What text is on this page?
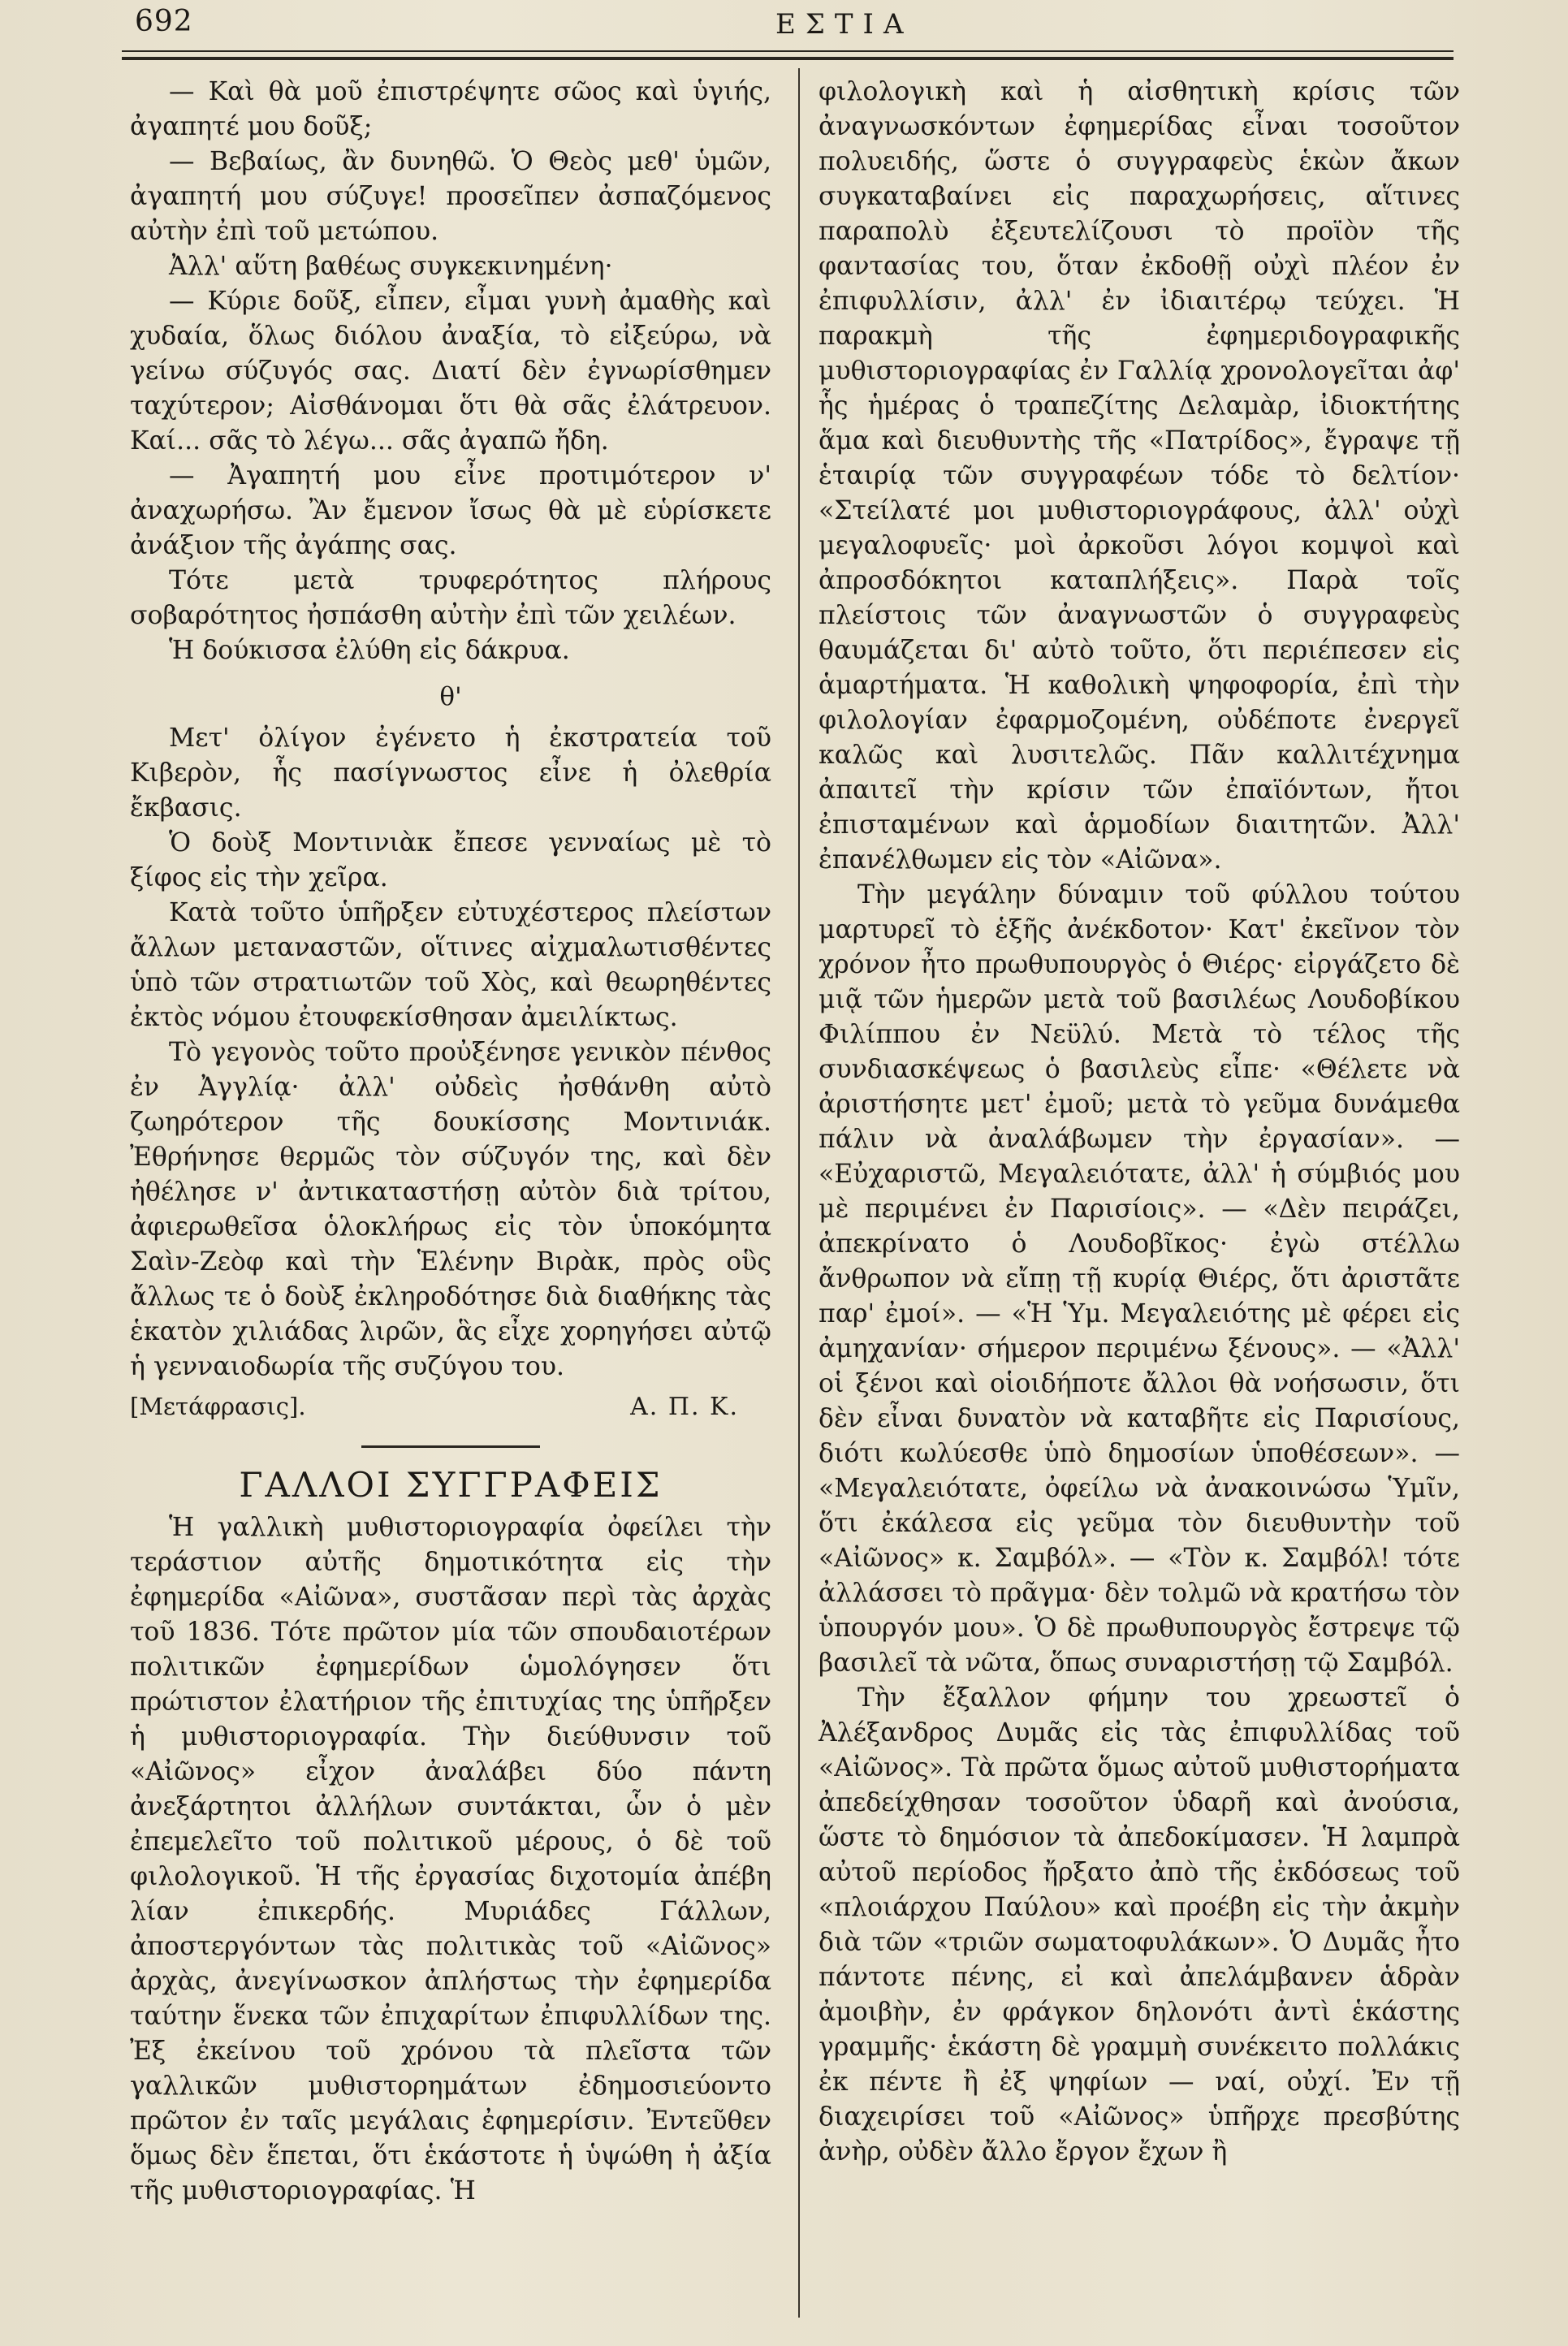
692	ΕΣΤΙΑ

— Καὶ θὰ μοῦ ἐπιστρέψητε σῶος καὶ ὑγιής, ἀγαπητέ μου δοῦξ;

— Βεβαίως, ἂν δυνηθῶ. Ὁ Θεὸς μεθ' ὑμῶν, ἀγαπητή μου σύζυγε! προσεῖπεν ἀσπαζόμενος αὐτὴν ἐπὶ τοῦ μετώπου.

Ἀλλ' αὕτη βαθέως συγκεκινημένη·

— Κύριε δοῦξ, εἶπεν, εἶμαι γυνὴ ἀμαθὴς καὶ χυδαία, ὅλως διόλου ἀναξία, τὸ εἰξεύρω, νὰ γείνω σύζυγός σας. Διατί δὲν ἐγνωρίσθημεν ταχύτερον; Αἰσθάνομαι ὅτι θὰ σᾶς ἐλάτρευον. Καί... σᾶς τὸ λέγω... σᾶς ἀγαπῶ ἤδη.

— Ἀγαπητή μου εἶνε προτιμότερον ν' ἀναχωρήσω. Ἂν ἔμενον ἴσως θὰ μὲ εὑρίσκετε ἀνάξιον τῆς ἀγάπης σας.

Τότε μετὰ τρυφερότητος πλήρους σοβαρότητος ἠσπάσθη αὐτὴν ἐπὶ τῶν χειλέων.

Ἡ δούκισσα ἐλύθη εἰς δάκρυα.

θ'

Μετ' ὀλίγον ἐγένετο ἡ ἐκστρατεία τοῦ Κιβερὸν, ἧς πασίγνωστος εἶνε ἡ ὀλεθρία ἔκβασις.

Ὁ δοὺξ Μοντινιὰκ ἔπεσε γενναίως μὲ τὸ ξίφος εἰς τὴν χεῖρα.

Κατὰ τοῦτο ὑπῆρξεν εὐτυχέστερος πλείστων ἄλλων μεταναστῶν, οἵτινες αἰχμαλωτισθέντες ὑπὸ τῶν στρατιωτῶν τοῦ Χὸς, καὶ θεωρηθέντες ἐκτὸς νόμου ἐτουφεκίσθησαν ἀμειλίκτως.

Τὸ γεγονὸς τοῦτο προὐξένησε γενικὸν πένθος ἐν Ἀγγλίᾳ· ἀλλ' οὐδεὶς ἠσθάνθη αὐτὸ ζωηρότερον τῆς δουκίσσης Μοντινιάκ. Ἐθρήνησε θερμῶς τὸν σύζυγόν της, καὶ δὲν ἠθέλησε ν' ἀντικαταστήσῃ αὐτὸν διὰ τρίτου, ἀφιερωθεῖσα ὁλοκλήρως εἰς τὸν ὑποκόμητα Σαὶν-Ζεὸφ καὶ τὴν Ἑλένην Βιρὰκ, πρὸς οὓς ἄλλως τε ὁ δοὺξ ἐκληροδότησε διὰ διαθήκης τὰς ἑκατὸν χιλιάδας λιρῶν, ἃς εἶχε χορηγήσει αὐτῷ ἡ γενναιοδωρία τῆς συζύγου του.

[Μετάφρασις].	Α. Π. Κ.
ΓΑΛΛΟΙ ΣΥΓΓΡΑΦΕΙΣ

Ἡ γαλλικὴ μυθιστοριογραφία ὀφείλει τὴν τεράστιον αὐτῆς δημοτικότητα εἰς τὴν ἐφημερίδα «Αἰῶνα», συστᾶσαν περὶ τὰς ἀρχὰς τοῦ 1836. Τότε πρῶτον μία τῶν σπουδαιοτέρων πολιτικῶν ἐφημερίδων ὡμολόγησεν ὅτι πρώτιστον ἐλατήριον τῆς ἐπιτυχίας της ὑπῆρξεν ἡ μυθιστοριογραφία. Τὴν διεύθυνσιν τοῦ «Αἰῶνος» εἶχον ἀναλάβει δύο πάντη ἀνεξάρτητοι ἀλλήλων συντάκται, ὧν ὁ μὲν ἐπεμελεῖτο τοῦ πολιτικοῦ μέρους, ὁ δὲ τοῦ φιλολογικοῦ. Ἡ τῆς ἐργασίας διχοτομία ἀπέβη λίαν ἐπικερδής. Μυριάδες Γάλλων, ἀποστεργόντων τὰς πολιτικὰς τοῦ «Αἰῶνος» ἀρχὰς, ἀνεγίνωσκον ἀπλήστως τὴν ἐφημερίδα ταύτην ἕνεκα τῶν ἐπιχαρίτων ἐπιφυλλίδων της. Ἐξ ἐκείνου τοῦ χρόνου τὰ πλεῖστα τῶν γαλλικῶν μυθιστορημάτων ἐδημοσιεύοντο πρῶτον ἐν ταῖς μεγάλαις ἐφημερίσιν. Ἐντεῦθεν ὅμως δὲν ἕπεται, ὅτι ἑκάστοτε ἡ ὑψώθη ἡ ἀξία τῆς μυθιστοριογραφίας. Ἡ

φιλολογικὴ καὶ ἡ αἰσθητικὴ κρίσις τῶν ἀναγνωσκόντων ἐφημερίδας εἶναι τοσοῦτον πολυειδής, ὥστε ὁ συγγραφεὺς ἑκὼν ἄκων συγκαταβαίνει εἰς παραχωρήσεις, αἵτινες παραπολὺ ἐξευτελίζουσι τὸ προϊὸν τῆς φαντασίας του, ὅταν ἐκδοθῇ οὐχὶ πλέον ἐν ἐπιφυλλίσιν, ἀλλ' ἐν ἰδιαιτέρῳ τεύχει. Ἡ παρακμὴ τῆς ἐφημεριδογραφικῆς μυθιστοριογραφίας ἐν Γαλλίᾳ χρονολογεῖται ἀφ' ἧς ἡμέρας ὁ τραπεζίτης Δελαμὰρ, ἰδιοκτήτης ἅμα καὶ διευθυντὴς τῆς «Πατρίδος», ἔγραψε τῇ ἑταιρίᾳ τῶν συγγραφέων τόδε τὸ δελτίον· «Στείλατέ μοι μυθιστοριογράφους, ἀλλ' οὐχὶ μεγαλοφυεῖς· μοὶ ἀρκοῦσι λόγοι κομψοὶ καὶ ἀπροσδόκητοι καταπλήξεις». Παρὰ τοῖς πλείστοις τῶν ἀναγνωστῶν ὁ συγγραφεὺς θαυμάζεται δι' αὐτὸ τοῦτο, ὅτι περιέπεσεν εἰς ἁμαρτήματα. Ἡ καθολικὴ ψηφοφορία, ἐπὶ τὴν φιλολογίαν ἐφαρμοζομένη, οὐδέποτε ἐνεργεῖ καλῶς καὶ λυσιτελῶς. Πᾶν καλλιτέχνημα ἀπαιτεῖ τὴν κρίσιν τῶν ἐπαϊόντων, ἤτοι ἐπισταμένων καὶ ἁρμοδίων διαιτητῶν. Ἀλλ' ἐπανέλθωμεν εἰς τὸν «Αἰῶνα».

Τὴν μεγάλην δύναμιν τοῦ φύλλου τούτου μαρτυρεῖ τὸ ἑξῆς ἀνέκδοτον· Κατ' ἐκεῖνον τὸν χρόνον ἦτο πρωθυπουργὸς ὁ Θιέρς· εἰργάζετο δὲ μιᾷ τῶν ἡμερῶν μετὰ τοῦ βασιλέως Λουδοβίκου Φιλίππου ἐν Νεϋλύ. Μετὰ τὸ τέλος τῆς συνδιασκέψεως ὁ βασιλεὺς εἶπε· «Θέλετε νὰ ἀριστήσητε μετ' ἐμοῦ; μετὰ τὸ γεῦμα δυνάμεθα πάλιν νὰ ἀναλάβωμεν τὴν ἐργασίαν». — «Εὐχαριστῶ, Μεγαλειότατε, ἀλλ' ἡ σύμβιός μου μὲ περιμένει ἐν Παρισίοις». — «Δὲν πειράζει, ἀπεκρίνατο ὁ Λουδοβῖκος· ἐγὼ στέλλω ἄνθρωπον νὰ εἴπῃ τῇ κυρίᾳ Θιέρς, ὅτι ἀριστᾶτε παρ' ἐμοί». — «Ἡ Ὑμ. Μεγαλειότης μὲ φέρει εἰς ἀμηχανίαν· σήμερον περιμένω ξένους». — «Ἀλλ' οἱ ξένοι καὶ οἱοιδήποτε ἄλλοι θὰ νοήσωσιν, ὅτι δὲν εἶναι δυνατὸν νὰ καταβῆτε εἰς Παρισίους, διότι κωλύεσθε ὑπὸ δημοσίων ὑποθέσεων». — «Μεγαλειότατε, ὀφείλω νὰ ἀνακοινώσω Ὑμῖν, ὅτι ἐκάλεσα εἰς γεῦμα τὸν διευθυντὴν τοῦ «Αἰῶνος» κ. Σαμβόλ». — «Τὸν κ. Σαμβόλ! τότε ἀλλάσσει τὸ πρᾶγμα· δὲν τολμῶ νὰ κρατήσω τὸν ὑπουργόν μου». Ὁ δὲ πρωθυπουργὸς ἔστρεψε τῷ βασιλεῖ τὰ νῶτα, ὅπως συναριστήσῃ τῷ Σαμβόλ.

Τὴν ἔξαλλον φήμην του χρεωστεῖ ὁ Ἀλέξανδρος Δυμᾶς εἰς τὰς ἐπιφυλλίδας τοῦ «Αἰῶνος». Τὰ πρῶτα ὅμως αὐτοῦ μυθιστορήματα ἀπεδείχθησαν τοσοῦτον ὑδαρῆ καὶ ἀνούσια, ὥστε τὸ δημόσιον τὰ ἀπεδοκίμασεν. Ἡ λαμπρὰ αὐτοῦ περίοδος ἤρξατο ἀπὸ τῆς ἐκδόσεως τοῦ «πλοιάρχου Παύλου» καὶ προέβη εἰς τὴν ἀκμὴν διὰ τῶν «τριῶν σωματοφυλάκων». Ὁ Δυμᾶς ἦτο πάντοτε πένης, εἰ καὶ ἀπελάμβανεν ἁδρὰν ἀμοιβὴν, ἐν φράγκον δηλονότι ἀντὶ ἑκάστης γραμμῆς· ἑκάστη δὲ γραμμὴ συνέκειτο πολλάκις ἐκ πέντε ἢ ἐξ ψηφίων — ναί, οὐχί. Ἐν τῇ διαχειρίσει τοῦ «Αἰῶνος» ὑπῆρχε πρεσβύτης ἀνὴρ, οὐδὲν ἄλλο ἔργον ἔχων ἢ
